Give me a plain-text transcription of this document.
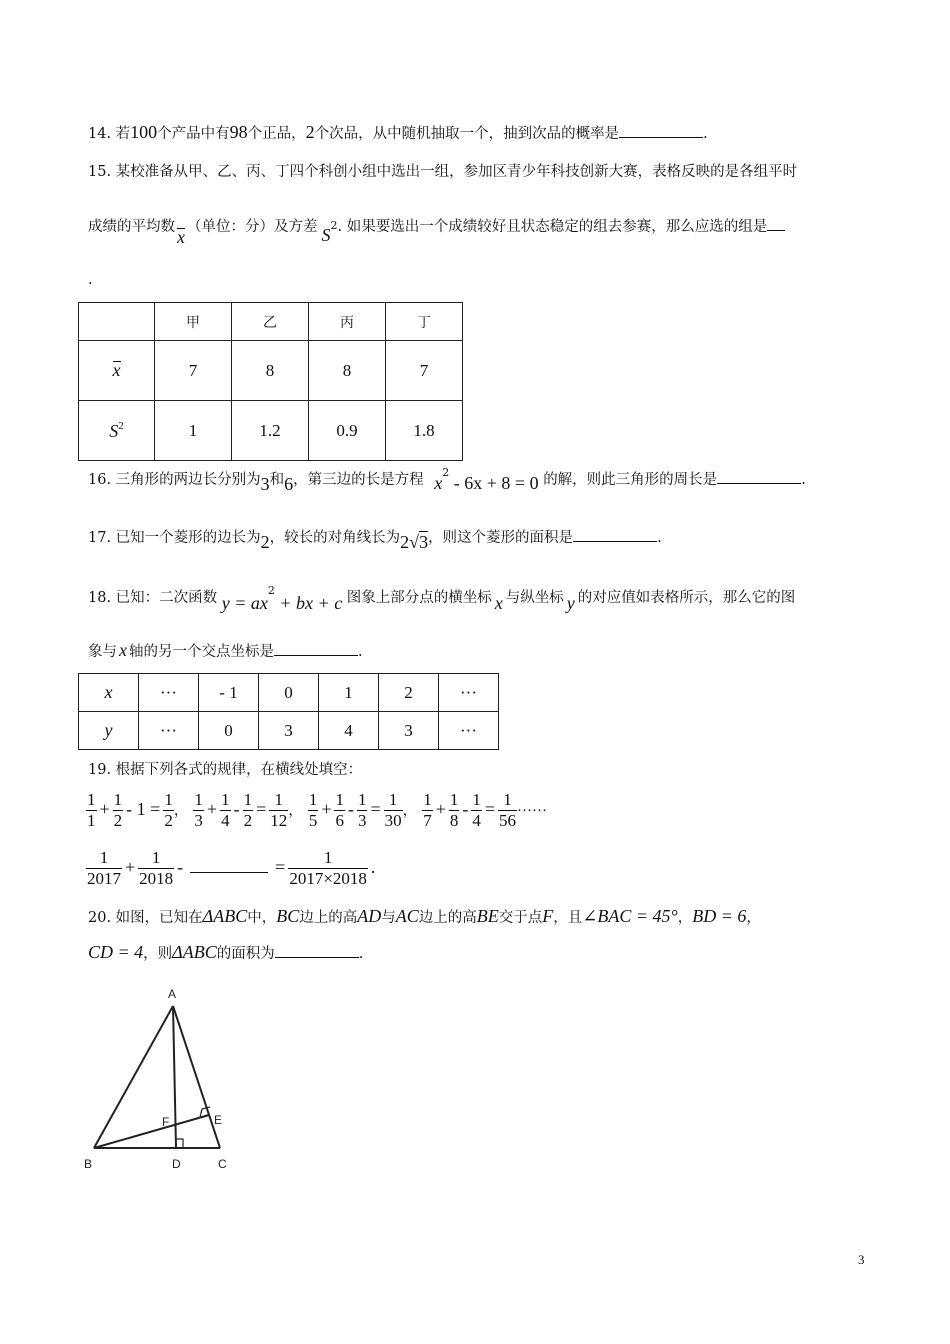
14. 若100个产品中有98个正品，2个次品，从中随机抽取一个，抽到次品的概率是	.
15. 某校准备从甲、乙、丙、丁四个科创小组中选出一组，参加区青少年科技创新大赛，表格反映的是各组平时
成绩的平均数 x （单位：分）及方差 $S^2$. 如果要选出一个成绩较好且状态稳定的组去参赛，那么应选的组是
.
	甲	乙	丙	丁
x	7	8	8	7
$S^2$	1	1.2	0.9	1.8
16. 三角形的两边长分别为3和6，第三边的长是方程 $x^2 - 6x + 8 = 0$ 的解，则此三角形的周长是	.
17. 已知一个菱形的边长为2，较长的对角线长为2√3，则这个菱形的面积是	.
18. 已知：二次函数 $y = ax^2$ + bx + c 图象上部分点的横坐标 x 与纵坐标 y 的对应值如表格所示，那么它的图
象与 x 轴的另一个交点坐标是	.
x	···	- 1	0	1	2	···
y	···	0	3	4	3	···
19. 根据下列各式的规律，在横线处填空：
$\frac{1}{1} + \frac{1}{2} - 1 = \frac{1}{2}$ ， $\frac{1}{3} + \frac{1}{4} - \frac{1}{2} = \frac{1}{12}$ ， $\frac{1}{5} + \frac{1}{6} - \frac{1}{3} = \frac{1}{30}$ ， $\frac{1}{7} + \frac{1}{8} - \frac{1}{4} = \frac{1}{56}$ ······
$\frac{1}{2017} + \frac{1}{2018}$ -	= $\frac{1}{2017\times 2018}$ .
20. 如图，已知在ΔABC中，BC边上的高AD与AC边上的高BE交于点F，且∠BAC = 45°，BD = 6，
CD = 4，则ΔABC的面积为	.
A
B	D	C
E
F
3
